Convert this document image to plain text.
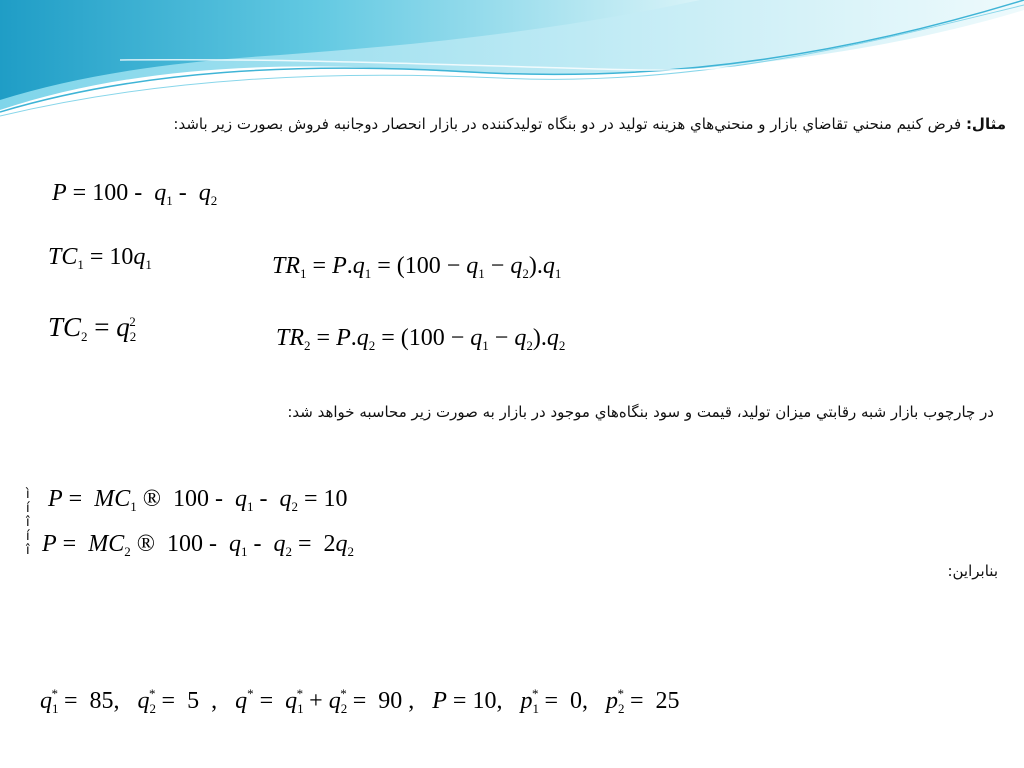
مثال: فرض كنيم منحني تقاضاي بازار و منحني‌هاي هزينه توليد در دو بنگاه توليدكننده در بازار انحصار دوجانبه فروش بصورت زير باشد:
$P = 100 - q_1 - q_2$
$TC_1 = 10q_1$
$TC_2 = q_2^2$
$TR_1 = P.q_1 = (100 - q_1 - q_2).q_1$
$TR_2 = P.q_2 = (100 - q_1 - q_2).q_2$
در چارچوب بازار شبه رقابتي ميزان توليد، قيمت و سود بنگاه‌هاي موجود در بازار به صورت زير محاسبه خواهد شد:
ì
í
î
í
î
$P = MC_1$ ®  $100 - q_1 - q_2 = 10$
$P = MC_2$ ®  $100 - q_1 - q_2 = 2q_2$
بنابراين:
$q_1^* = 85$,   $q_2^* = 5$  ,   $q^* = q_1^* + q_2^* = 90$ ,   P = 10,   $p_1^* = 0$,   $p_2^* = 25$
